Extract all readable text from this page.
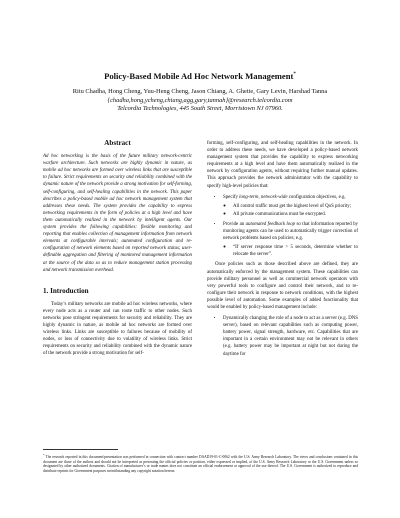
Policy-Based Mobile Ad Hoc Network Management*
Ritu Chadha, Hong Cheng, Yuu-Heng Cheng, Jason Chiang, A. Ghetie, Gary Levin, Harshad Tanna
{chadha,hong,ycheng,chiang,agg,gary,tannah}@research.telcordia.com
Telcordia Technologies, 445 South Street, Morristown NJ 07960.
Abstract

Ad hoc networking is the basis of the future military network-centric warfare architecture. Such networks are highly dynamic in nature, as mobile ad hoc networks are formed over wireless links that are susceptible to failure. Strict requirements on security and reliability combined with the dynamic nature of the network provide a strong motivation for self-forming, self-configuring, and self-healing capabilities in the network. This paper describes a policy-based mobile ad hoc network management system that addresses these needs. The system provides the capability to express networking requirements in the form of policies at a high level and have them automatically realized in the network by intelligent agents. Our system provides the following capabilities: flexible monitoring and reporting that enables collection of management information from network elements at configurable intervals; automated configuration and re-configuration of network elements based on reported network status; user-definable aggregation and filtering of monitored management information at the source of the data so as to reduce management station processing and network transmission overhead.

1. Introduction

Today’s military networks are mobile ad hoc wireless networks, where every node acts as a router and can route traffic to other nodes. Such networks pose stringent requirements for security and reliability. They are highly dynamic in nature, as mobile ad hoc networks are formed over wireless links. Links are susceptible to failures because of mobility of nodes, or loss of connectivity due to volatility of wireless links. Strict requirements on security and reliability combined with the dynamic nature of the network provide a strong motivation for self-

forming, self-configuring, and self-healing capabilities in the network. In order to address these needs, we have developed a policy-based network management system that provides the capability to express networking requirements at a high level and have them automatically realized in the network by configuration agents, without requiring further manual updates. This approach provides the network administrator with the capability to specify high-level policies that:

• Specify long-term, network-wide configuration objectives, e.g.
◦ All control traffic must get the highest level of QoS priority;
◦ All private communications must be encrypted.
• Provide an automated feedback loop so that information reported by monitoring agents can be used to automatically trigger correction of network problems based on policies; e.g.
◦ “If server response time > 5 seconds, determine whether to relocate the server”.

Once policies such as those described above are defined, they are automatically enforced by the management system. These capabilities can provide military personnel as well as commercial network operators with very powerful tools to configure and control their network, and to re-configure their network in response to network conditions, with the highest possible level of automation. Some examples of added functionality that would be enabled by policy-based management include:

• Dynamically changing the role of a node to act as a server (e.g. DNS server), based on relevant capabilities such as computing power, battery power, signal strength, hardware, etc. Capabilities that are important in a certain environment may not be relevant in others (e.g. battery power may be important at night but not during the daytime for
* The research reported in this document/presentation was performed in connection with contract number DAAD19-01-C-0062 with the U.S. Army Research Laboratory. The views and conclusions contained in this document are those of the authors and should not be interpreted as presenting the official policies or position, either expressed or implied, of the U.S. Army Research Laboratory or the U.S. Government unless so designated by other authorized documents. Citation of manufacturer’s or trade names does not constitute an official endorsement or approval of the use thereof. The U.S. Government is authorized to reproduce and distribute reprints for Government purposes notwithstanding any copyright notation hereon.
